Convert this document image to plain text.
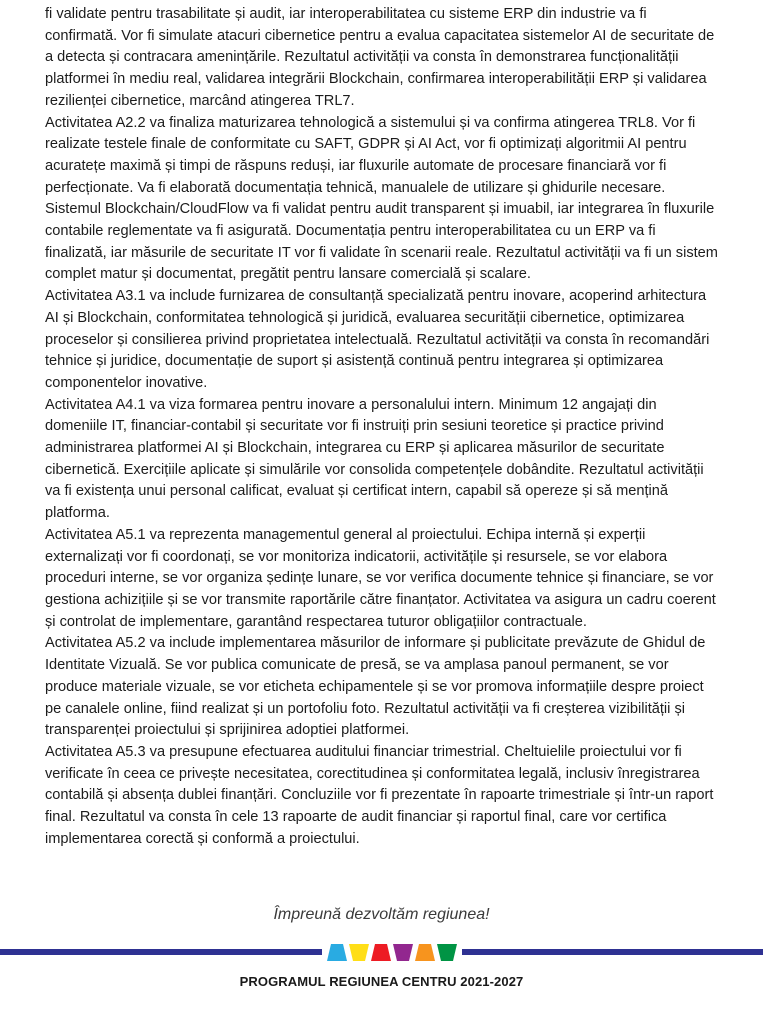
fi validate pentru trasabilitate și audit, iar interoperabilitatea cu sisteme ERP din industrie va fi confirmată. Vor fi simulate atacuri cibernetice pentru a evalua capacitatea sistemelor AI de securitate de a detecta și contracara amenințările. Rezultatul activității va consta în demonstrarea funcționalității platformei în mediu real, validarea integrării Blockchain, confirmarea interoperabilității ERP și validarea rezilienței cibernetice, marcând atingerea TRL7.

Activitatea A2.2 va finaliza maturizarea tehnologică a sistemului și va confirma atingerea TRL8. Vor fi realizate testele finale de conformitate cu SAFT, GDPR și AI Act, vor fi optimizați algoritmii AI pentru acuratețe maximă și timpi de răspuns reduși, iar fluxurile automate de procesare financiară vor fi perfecționate. Va fi elaborată documentația tehnică, manualele de utilizare și ghidurile necesare. Sistemul Blockchain/CloudFlow va fi validat pentru audit transparent și imuabil, iar integrarea în fluxurile contabile reglementate va fi asigurată. Documentația pentru interoperabilitatea cu un ERP va fi finalizată, iar măsurile de securitate IT vor fi validate în scenarii reale. Rezultatul activității va fi un sistem complet matur și documentat, pregătit pentru lansare comercială și scalare.

Activitatea A3.1 va include furnizarea de consultanță specializată pentru inovare, acoperind arhitectura AI și Blockchain, conformitatea tehnologică și juridică, evaluarea securității cibernetice, optimizarea proceselor și consilierea privind proprietatea intelectuală. Rezultatul activității va consta în recomandări tehnice și juridice, documentație de suport și asistență continuă pentru integrarea și optimizarea componentelor inovative.

Activitatea A4.1 va viza formarea pentru inovare a personalului intern. Minimum 12 angajați din domeniile IT, financiar-contabil și securitate vor fi instruiți prin sesiuni teoretice și practice privind administrarea platformei AI și Blockchain, integrarea cu ERP și aplicarea măsurilor de securitate cibernetică. Exercițiile aplicate și simulările vor consolida competențele dobândite. Rezultatul activității va fi existența unui personal calificat, evaluat și certificat intern, capabil să opereze și să mențină platforma.

Activitatea A5.1 va reprezenta managementul general al proiectului. Echipa internă și experții externalizați vor fi coordonați, se vor monitoriza indicatorii, activitățile și resursele, se vor elabora proceduri interne, se vor organiza ședințe lunare, se vor verifica documente tehnice și financiare, se vor gestiona achizițiile și se vor transmite raportările către finanțator. Activitatea va asigura un cadru coerent și controlat de implementare, garantând respectarea tuturor obligațiilor contractuale.

Activitatea A5.2 va include implementarea măsurilor de informare și publicitate prevăzute de Ghidul de Identitate Vizuală. Se vor publica comunicate de presă, se va amplasa panoul permanent, se vor produce materiale vizuale, se vor eticheta echipamentele și se vor promova informațiile despre proiect pe canalele online, fiind realizat și un portofoliu foto. Rezultatul activității va fi creșterea vizibilității și transparenței proiectului și sprijinirea adoptiei platformei.

Activitatea A5.3 va presupune efectuarea auditului financiar trimestrial. Cheltuielile proiectului vor fi verificate în ceea ce privește necesitatea, corectitudinea și conformitatea legală, inclusiv înregistrarea contabilă și absența dublei finanțări. Concluziile vor fi prezentate în rapoarte trimestriale și într-un raport final. Rezultatul va consta în cele 13 rapoarte de audit financiar și raportul final, care vor certifica implementarea corectă și conformă a proiectului.

Împreună dezvoltăm regiunea!
PROGRAMUL REGIUNEA CENTRU 2021-2027
